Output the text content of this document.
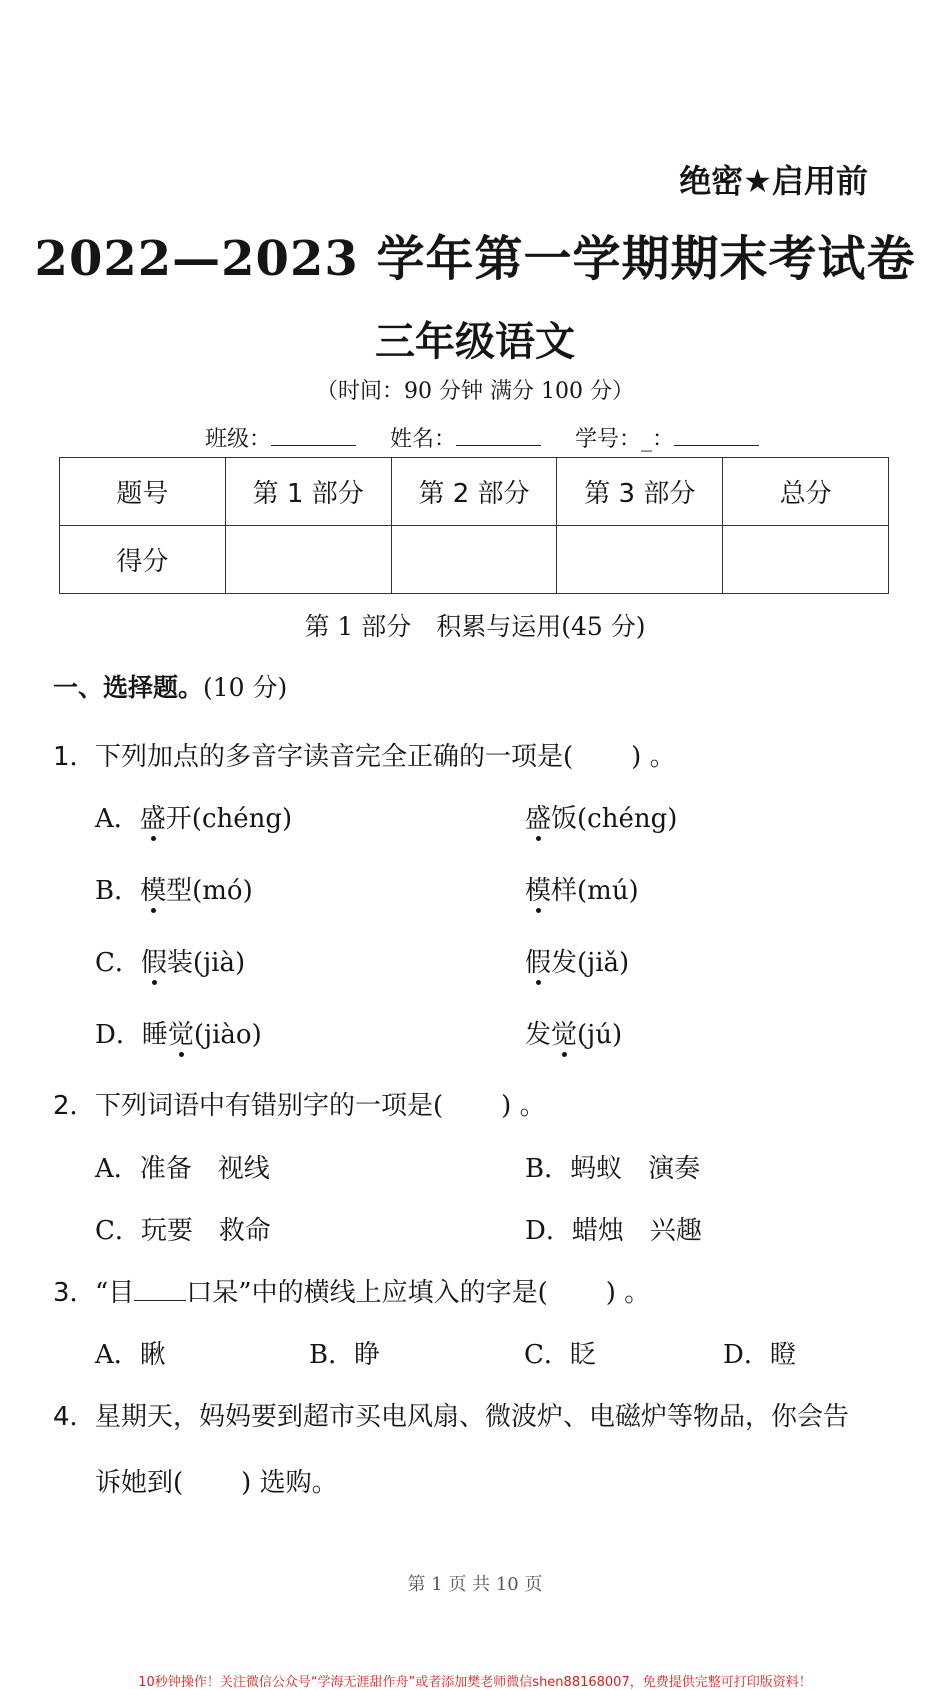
绝密★启用前
2022—2023 学年第一学期期末考试卷
三年级语文
（时间：90 分钟 满分 100 分）
班级：	姓名：	学号：_：
题号	第 1 部分	第 2 部分	第 3 部分	总分
得分				
第 1 部分　积累与运用(45 分)
一、选择题。(10 分)
1．下列加点的多音字读音完全正确的一项是( ) 。
A．盛开(chéng)	盛饭(chéng)
B．模型(mó)	模样(mú)
C．假装(jià)	假发(jiǎ)
D．睡觉(jiào)	发觉(jú)
2．下列词语中有错别字的一项是( ) 。
A．准备　视线	B．蚂蚁　演奏
C．玩要　救命	D．蜡烛　兴趣
3．“目 口呆”中的横线上应填入的字是( ) 。
A．瞅	B．睁	C．眨	D．瞪
4．星期天，妈妈要到超市买电风扇、微波炉、电磁炉等物品，你会告
诉她到( ) 选购。
第 1 页 共 10 页
10秒钟操作！关注微信公众号“学海无涯甜作舟”或者添加樊老师微信shen88168007，免费提供完整可打印版资料！
